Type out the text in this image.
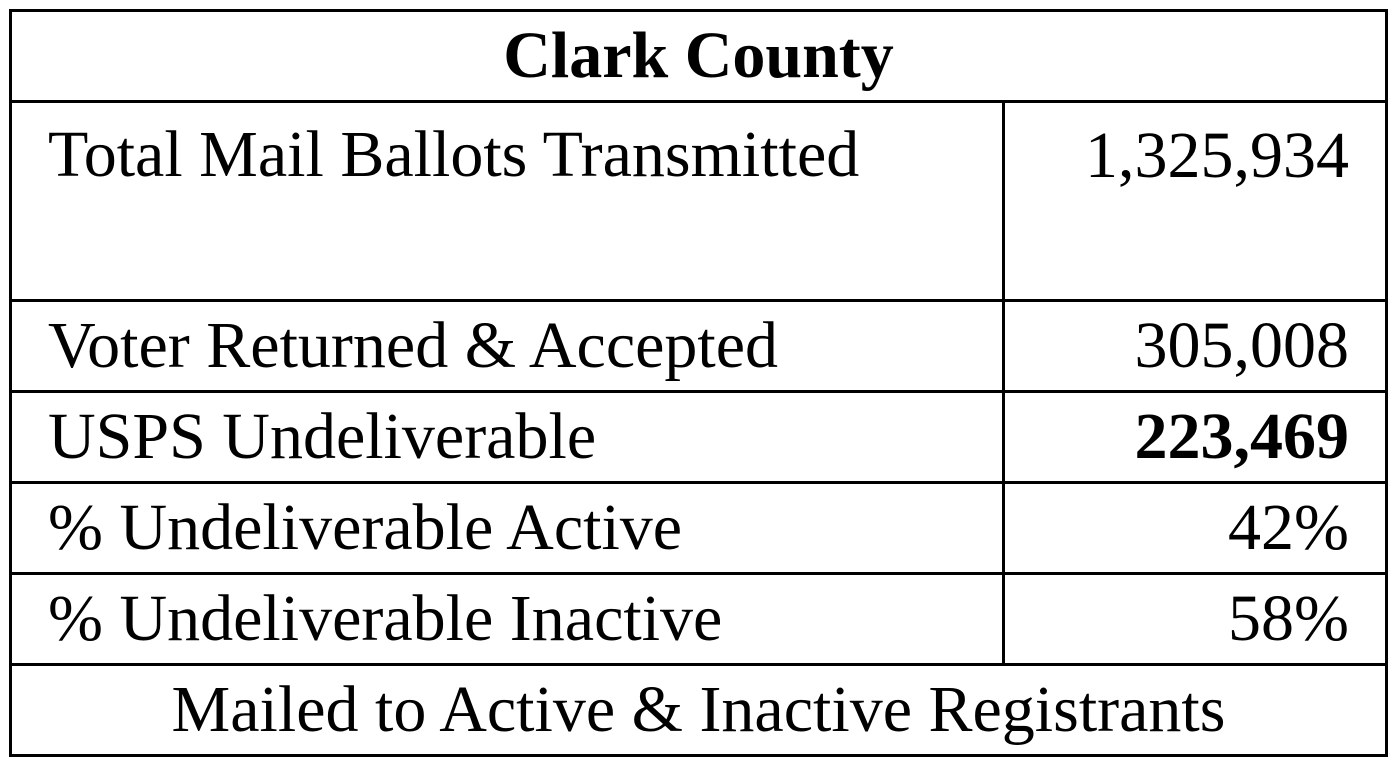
Clark County	
Total Mail Ballots Transmitted	1,325,934
Voter Returned & Accepted	305,008
USPS Undeliverable	223,469
% Undeliverable Active	42%
% Undeliverable Inactive	58%
Mailed to Active & Inactive Registrants	
